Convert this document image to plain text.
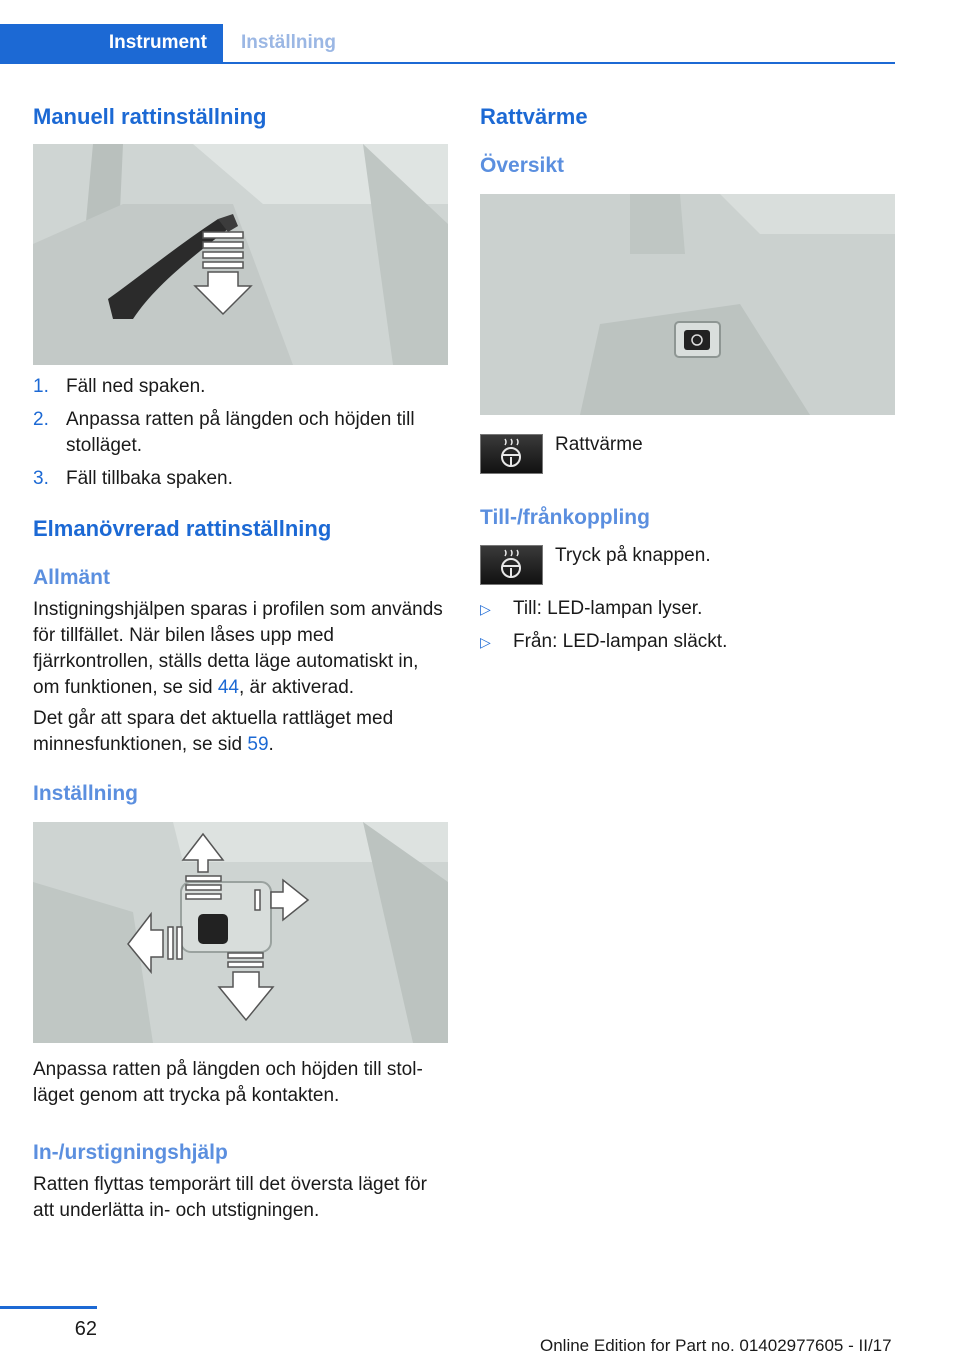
Instrument	Inställning
Manuell rattinställning
1. Fäll ned spaken.
2. Anpassa ratten på längden och höjden till stolläget.
3. Fäll tillbaka spaken.
Elmanövrerad rattinställning
Allmänt

Instigningshjälpen sparas i profilen som används för tillfället. När bilen låses upp med fjärrkontrollen, ställs detta läge automatiskt in, om funktionen, se sid 44, är aktiverad.

Det går att spara det aktuella rattläget med minnesfunktionen, se sid 59.

Inställning

Anpassa ratten på längden och höjden till stolläget genom att trycka på kontakten.

In-/urstigningshjälp

Ratten flyttas temporärt till det översta läget för att underlätta in- och utstigningen.

Rattvärme
Översikt
Rattvärme
Till-/frånkoppling
Tryck på knappen.
▷ Till: LED-lampan lyser.
▷ Från: LED-lampan släckt.
62
Online Edition for Part no. 01402977605 - II/17
